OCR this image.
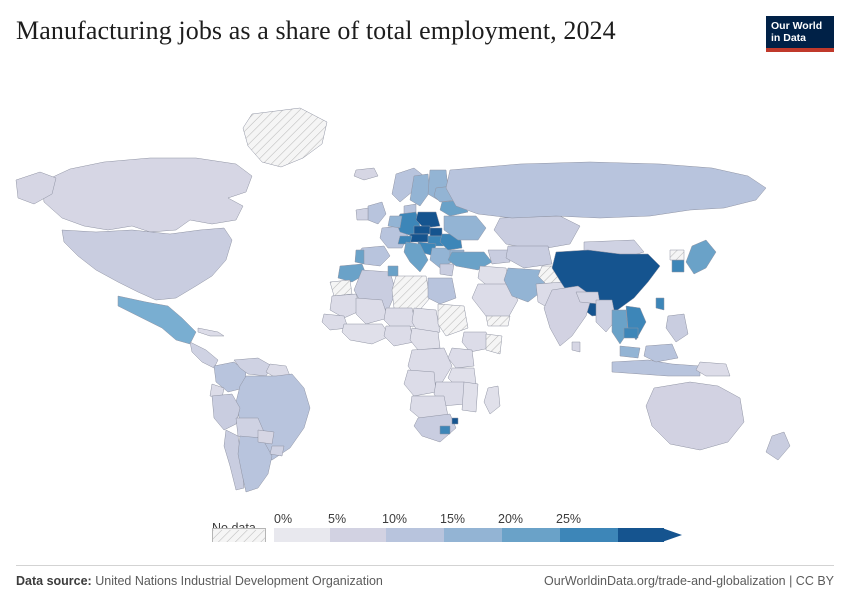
Manufacturing jobs as a share of total employment, 2024	Our World
in Data
0%	5%	10%	15%	20%	25%
Data source: United Nations Industrial Development Organization	OurWorldinData.org/trade-and-globalization | CC BY
